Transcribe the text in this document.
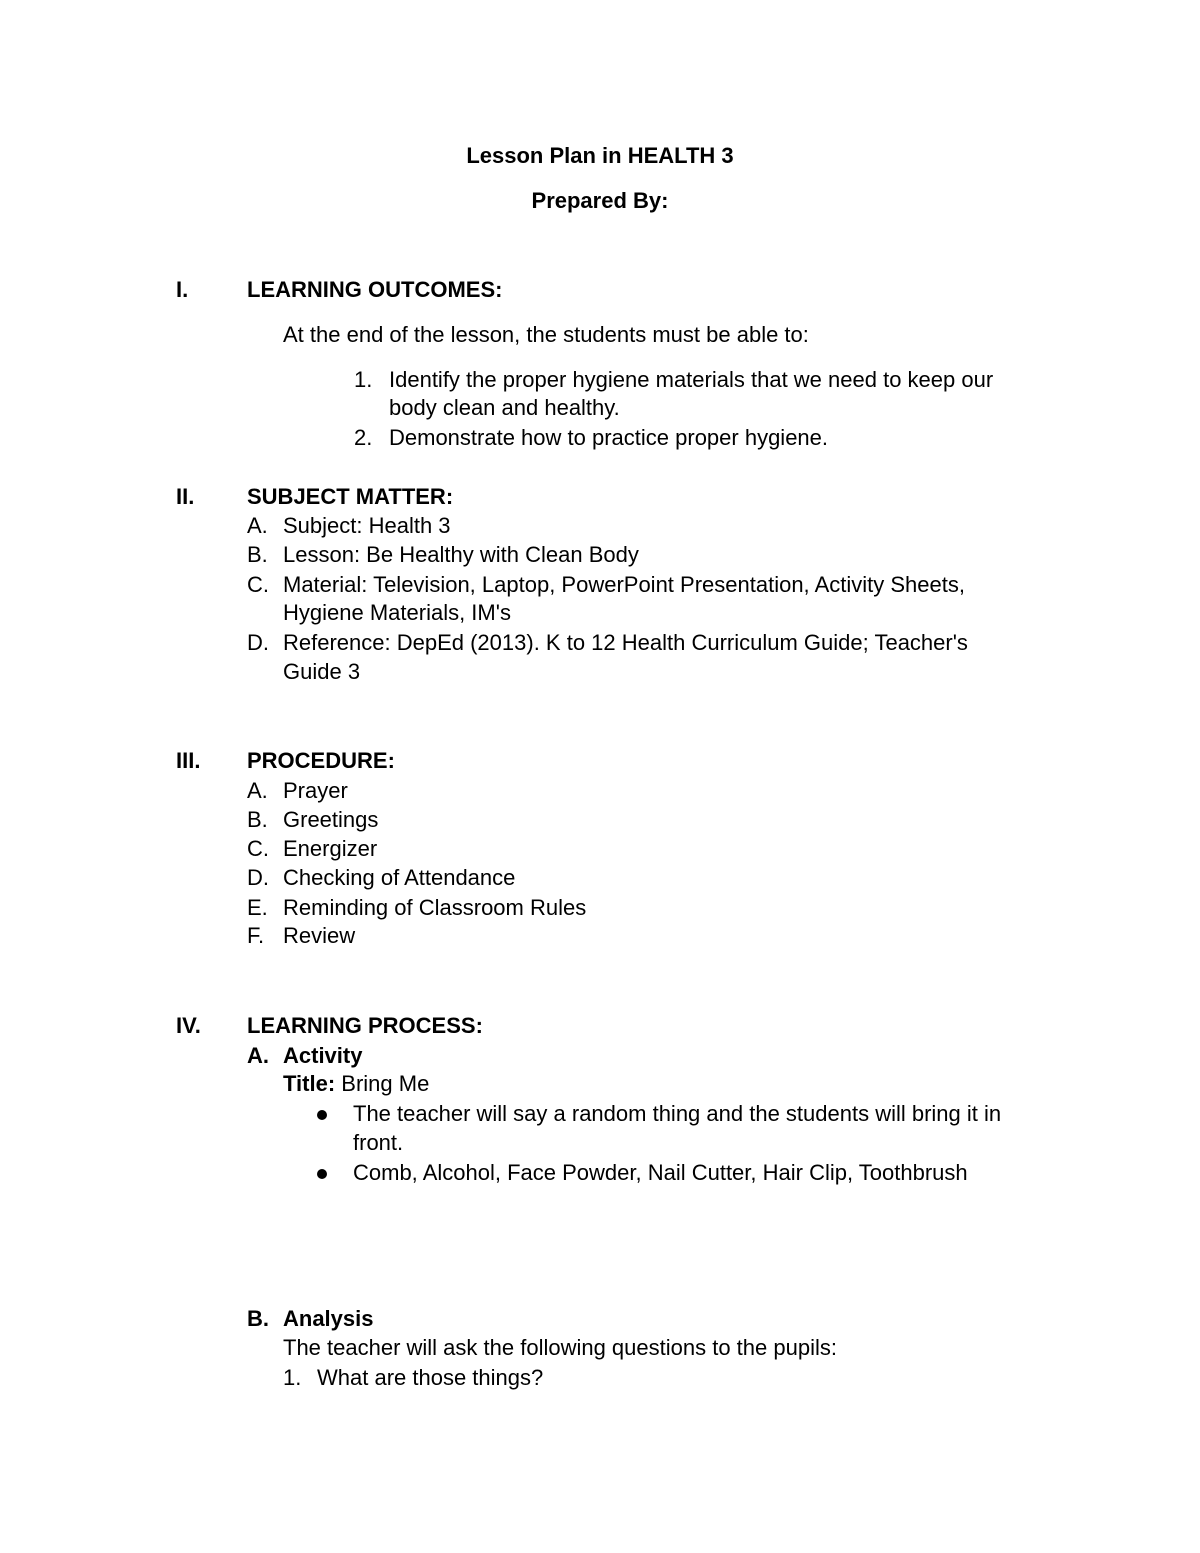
Lesson Plan in HEALTH 3
Prepared By:
I.	LEARNING OUTCOMES:
At the end of the lesson, the students must be able to:
1. Identify the proper hygiene materials that we need to keep our
body clean and healthy.
2. Demonstrate how to practice proper hygiene.
II. SUBJECT MATTER:
A. Subject: Health 3
B. Lesson: Be Healthy with Clean Body
C. Material: Television, Laptop, PowerPoint Presentation, Activity Sheets,
Hygiene Materials, IM's
D. Reference: DepEd (2013). K to 12 Health Curriculum Guide; Teacher's
Guide 3
III. PROCEDURE:
A. Prayer
B. Greetings
C. Energizer
D. Checking of Attendance
E. Reminding of Classroom Rules
F. Review
IV. LEARNING PROCESS:
A. Activity
Title: Bring Me
The teacher will say a random thing and the students will bring it in
front.
Comb, Alcohol, Face Powder, Nail Cutter, Hair Clip, Toothbrush
B. Analysis
The teacher will ask the following questions to the pupils:
1. What are those things?
